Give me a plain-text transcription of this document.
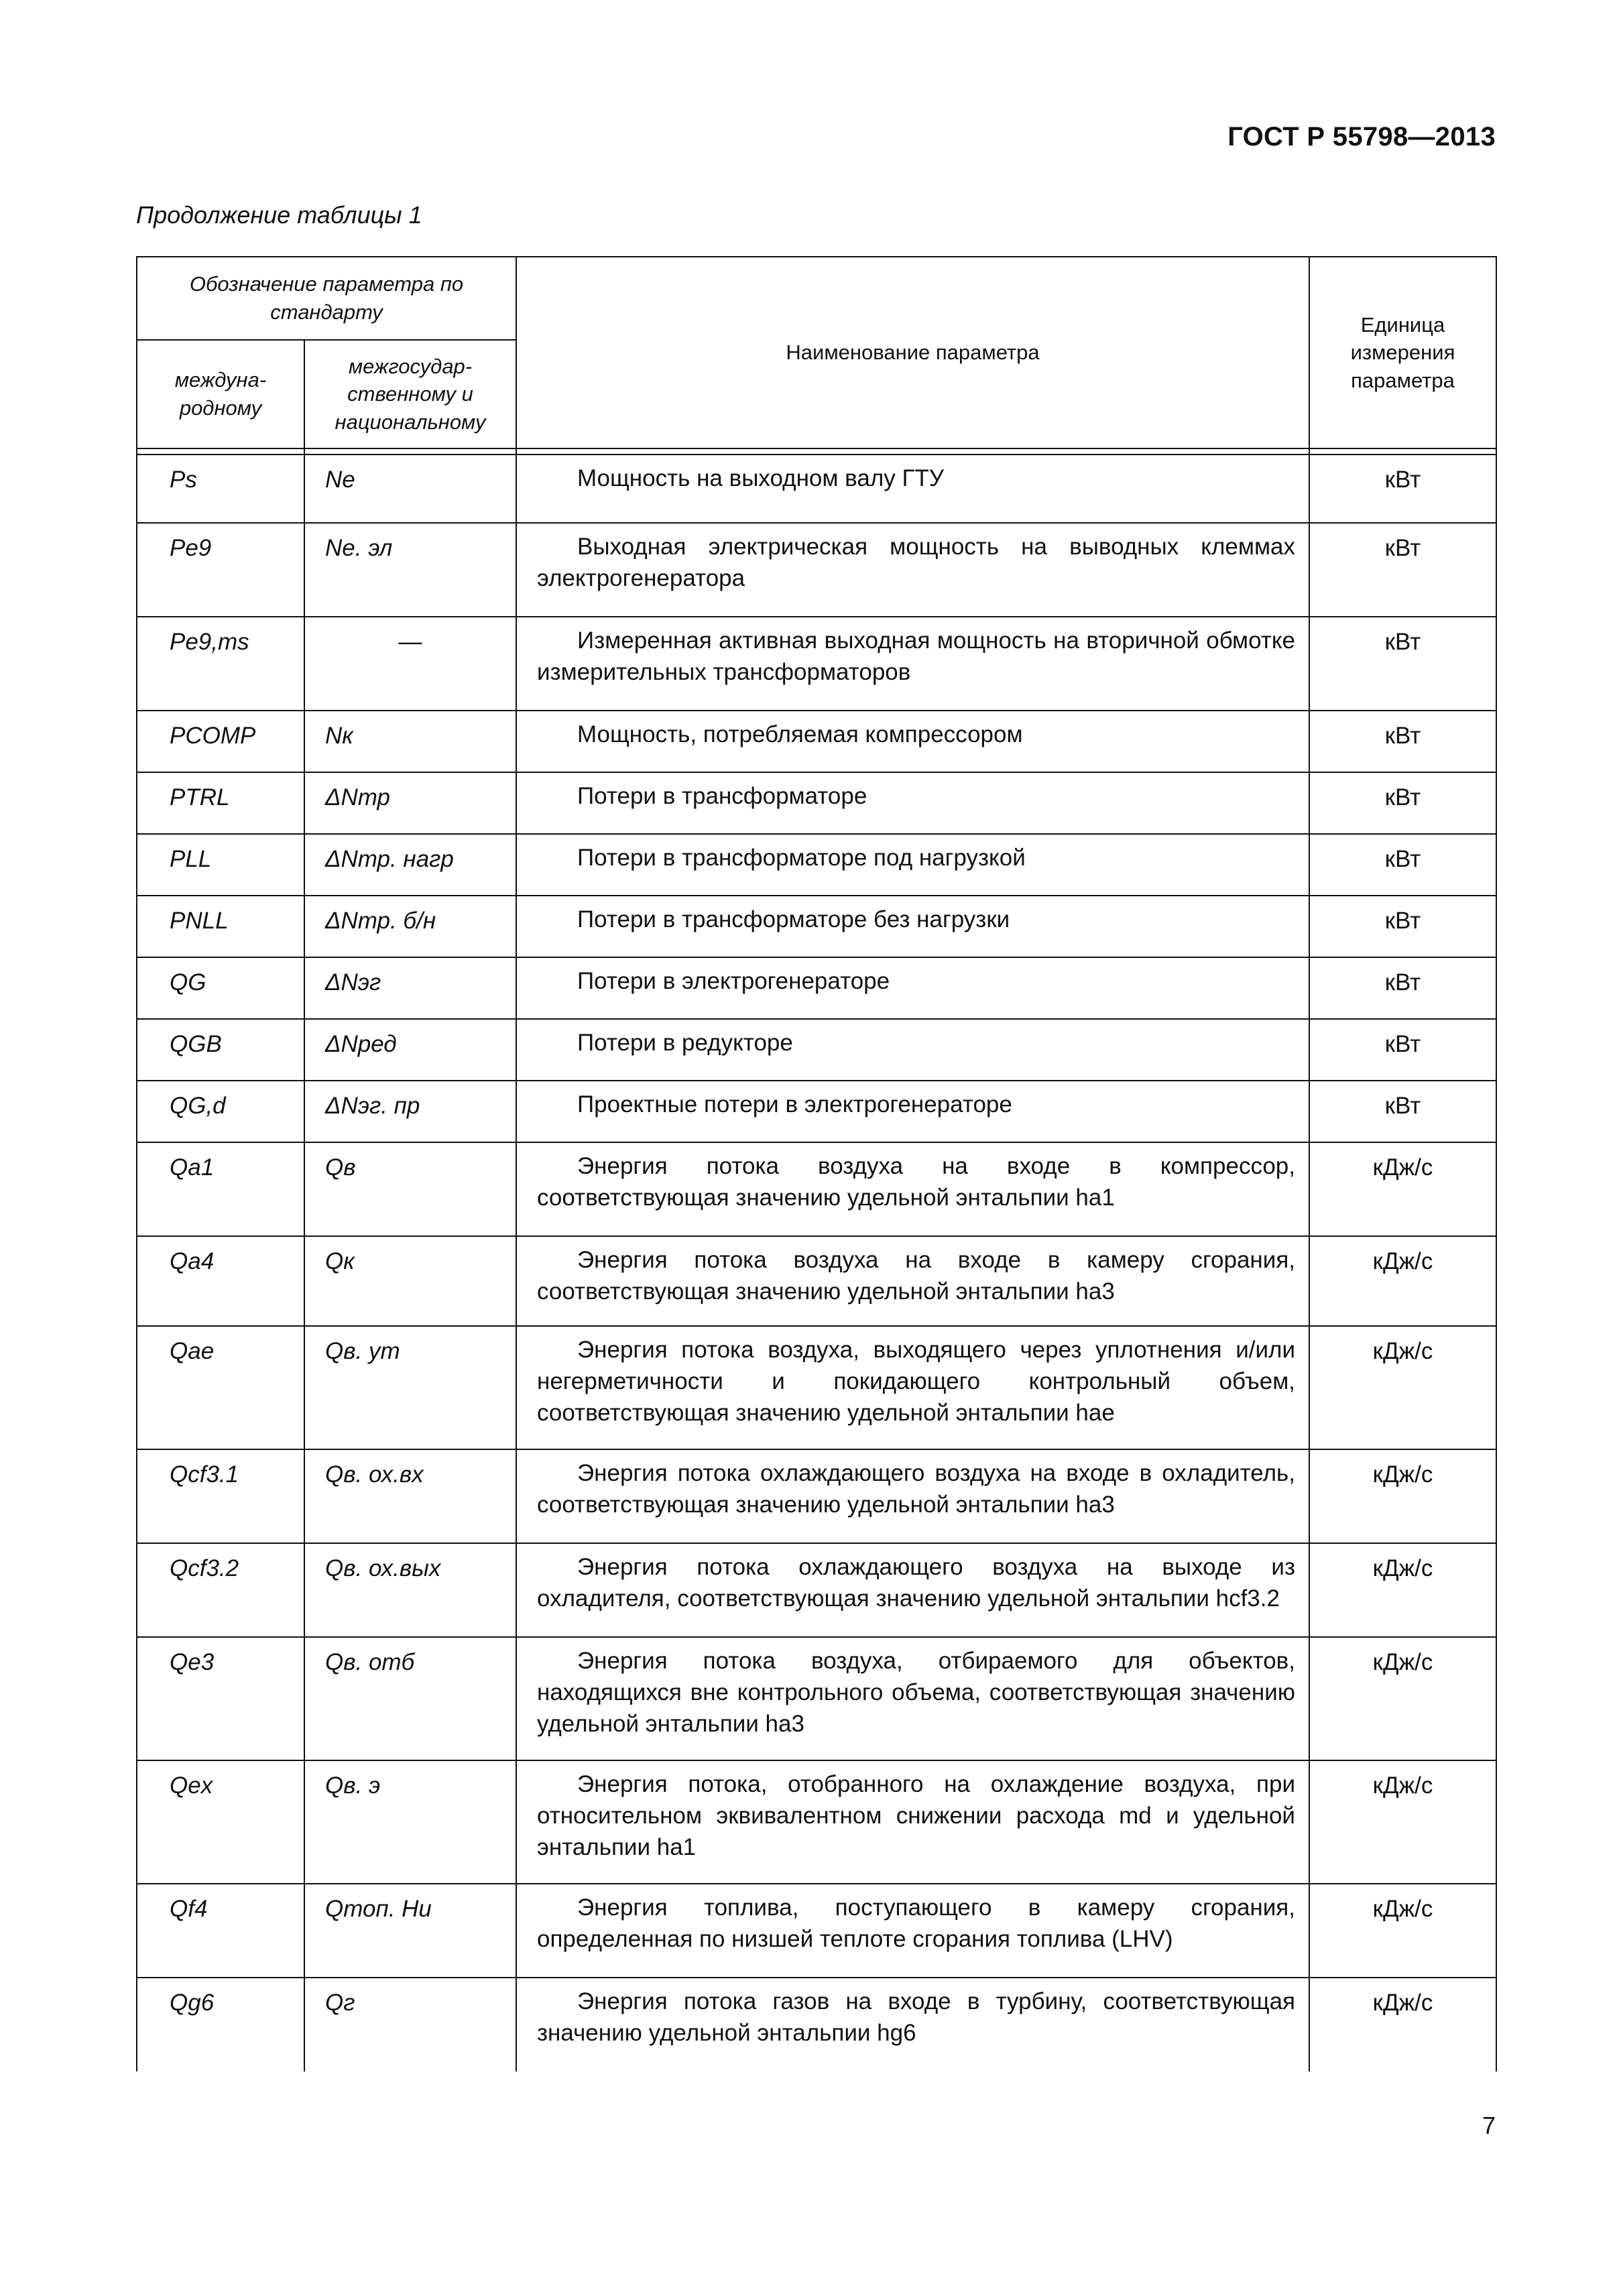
ГОСТ Р 55798—2013
Продолжение таблицы 1
Обозначение параметра по стандарту		Наименование параметра	Единица измерения параметра
междуна-родному	межгосудар-ственному и национальному		

Ps	Ne	Мощность на выходном валу ГТУ	кВт
Pe9	Ne. эл	Выходная электрическая мощность на выводных клеммах электрогенератора	кВт
Pe9,ms	—	Измеренная активная выходная мощность на вторичной обмотке измерительных трансформаторов	кВт
PCOMP	Nк	Мощность, потребляемая компрессором	кВт
PTRL	ΔNтр	Потери в трансформаторе	кВт
PLL	ΔNтр. нагр	Потери в трансформаторе под нагрузкой	кВт
PNLL	ΔNтр. б/н	Потери в трансформаторе без нагрузки	кВт
QG	ΔNэг	Потери в электрогенераторе	кВт
QGB	ΔNред	Потери в редукторе	кВт
QG,d	ΔNэг. пр	Проектные потери в электрогенераторе	кВт
Qa1	Qв	Энергия потока воздуха на входе в компрессор, соответствующая значению удельной энтальпии ha1	кДж/с
Qa4	Qк	Энергия потока воздуха на входе в камеру сгорания, соответствующая значению удельной энтальпии ha3	кДж/с
Qae	Qв. ут	Энергия потока воздуха, выходящего через уплотнения и/или негерметичности и покидающего контрольный объем, соответствующая значению удельной энтальпии hae	кДж/с
Qcf3.1	Qв. ох.вх	Энергия потока охлаждающего воздуха на входе в охладитель, соответствующая значению удельной энтальпии ha3	кДж/с
Qcf3.2	Qв. ох.вых	Энергия потока охлаждающего воздуха на выходе из охладителя, соответствующая значению удельной энтальпии hcf3.2	кДж/с
Qe3	Qв. отб	Энергия потока воздуха, отбираемого для объектов, находящихся вне контрольного объема, соответствующая значению удельной энтальпии ha3	кДж/с
Qex	Qв. э	Энергия потока, отобранного на охлаждение воздуха, при относительном эквивалентном снижении расхода md и удельной энтальпии ha1	кДж/с
Qf4	Qтоп. Ни	Энергия топлива, поступающего в камеру сгорания, определенная по низшей теплоте сгорания топлива (LHV)	кДж/с
Qg6	Qг	Энергия потока газов на входе в турбину, соответствующая значению удельной энтальпии hg6	кДж/с
7
